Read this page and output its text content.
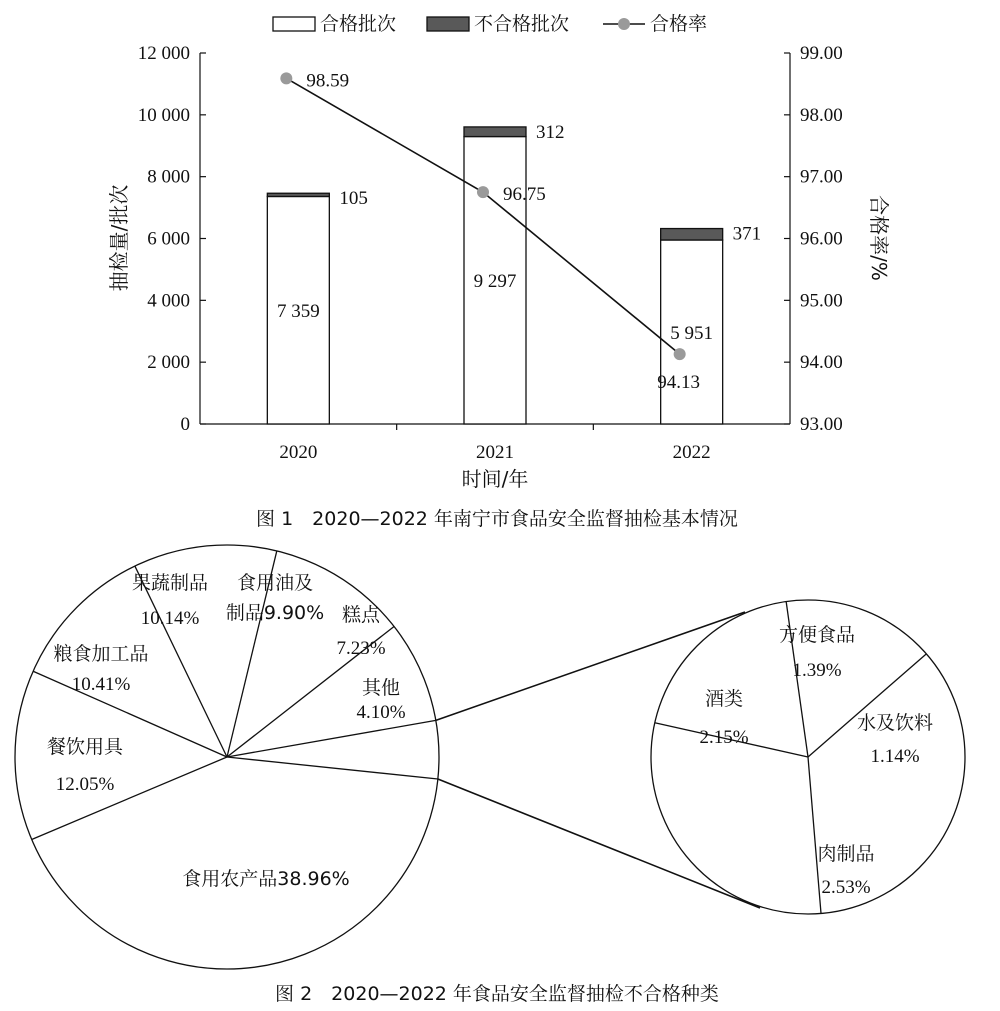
0
2 000
4 000
6 000
8 000
10 000
12 000
93.00
94.00
95.00
96.00
97.00
98.00
99.00
2020	2021	2022
7 359
105
9 297
312
5 951
371
98.59
96.75
94.13
抽检量/批次	合格率/%
时间/年
合格批次	不合格批次	合格率
图 1　2020—2022 年南宁市食品安全监督抽检基本情况
食用农产品38.96%
餐饮用具
12.05%
粮食加工品
10.41%
果蔬制品
10.14%
食用油及
制品9.90% 糕点
7.23%
其他
4.10%
酒类
2.15%
方便食品
1.39%
水及饮料
1.14%
肉制品
2.53%
图 2　2020—2022 年食品安全监督抽检不合格种类
